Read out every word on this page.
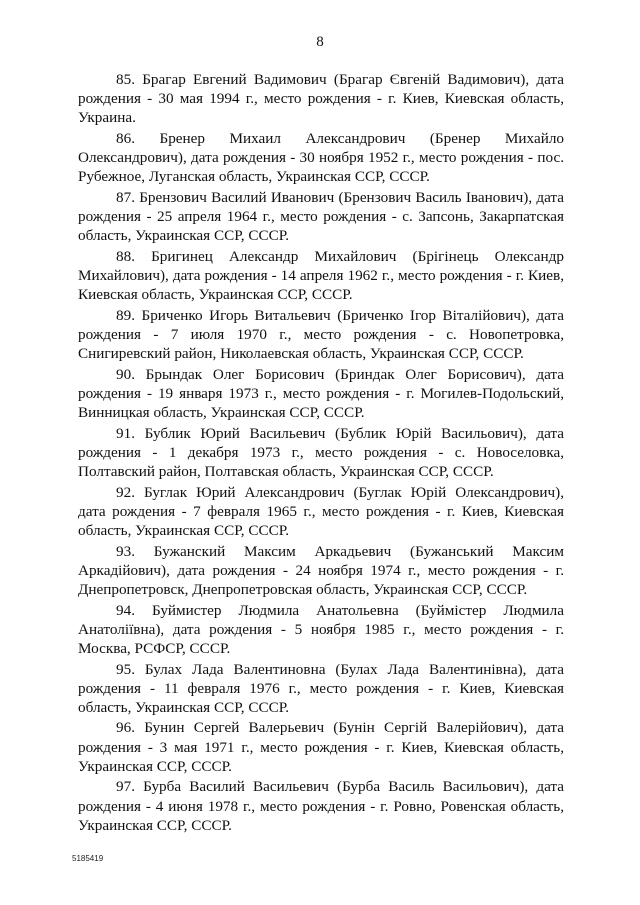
8

85. Брагар Евгений Вадимович (Брагар Євгеній Вадимович), дата рождения - 30 мая 1994 г., место рождения - г. Киев, Киевская область, Украина.

86. Бренер Михаил Александрович (Бренер Михайло Олександрович), дата рождения - 30 ноября 1952 г., место рождения - пос. Рубежное, Луганская область, Украинская ССР, СССР.

87. Брензович Василий Иванович (Брензович Василь Іванович), дата рождения - 25 апреля 1964 г., место рождения - с. Запсонь, Закарпатская область, Украинская ССР, СССР.

88. Бригинец Александр Михайлович (Брігінець Олександр Михайлович), дата рождения - 14 апреля 1962 г., место рождения - г. Киев, Киевская область, Украинская ССР, СССР.

89. Бриченко Игорь Витальевич (Бриченко Ігор Віталійович), дата рождения - 7 июля 1970 г., место рождения - с. Новопетровка, Снигиревский район, Николаевская область, Украинская ССР, СССР.

90. Брындак Олег Борисович (Бриндак Олег Борисович), дата рождения - 19 января 1973 г., место рождения - г. Могилев-Подольский, Винницкая область, Украинская ССР, СССР.

91. Бублик Юрий Васильевич (Бублик Юрій Васильович), дата рождения - 1 декабря 1973 г., место рождения - с. Новоселовка, Полтавский район, Полтавская область, Украинская ССР, СССР.

92. Буглак Юрий Александрович (Буглак Юрій Олександрович), дата рождения - 7 февраля 1965 г., место рождения - г. Киев, Киевская область, Украинская ССР, СССР.

93. Бужанский Максим Аркадьевич (Бужанський Максим Аркадійович), дата рождения - 24 ноября 1974 г., место рождения - г. Днепропетровск, Днепропетровская область, Украинская ССР, СССР.

94. Буймистер Людмила Анатольевна (Буймістер Людмила Анатоліївна), дата рождения - 5 ноября 1985 г., место рождения - г. Москва, РСФСР, СССР.

95. Булах Лада Валентиновна (Булах Лада Валентинівна), дата рождения - 11 февраля 1976 г., место рождения - г. Киев, Киевская область, Украинская ССР, СССР.

96. Бунин Сергей Валерьевич (Бунін Сергій Валерійович), дата рождения - 3 мая 1971 г., место рождения - г. Киев, Киевская область, Украинская ССР, СССР.

97. Бурба Василий Васильевич (Бурба Василь Васильович), дата рождения - 4 июня 1978 г., место рождения - г. Ровно, Ровенская область, Украинская ССР, СССР.

5185419
